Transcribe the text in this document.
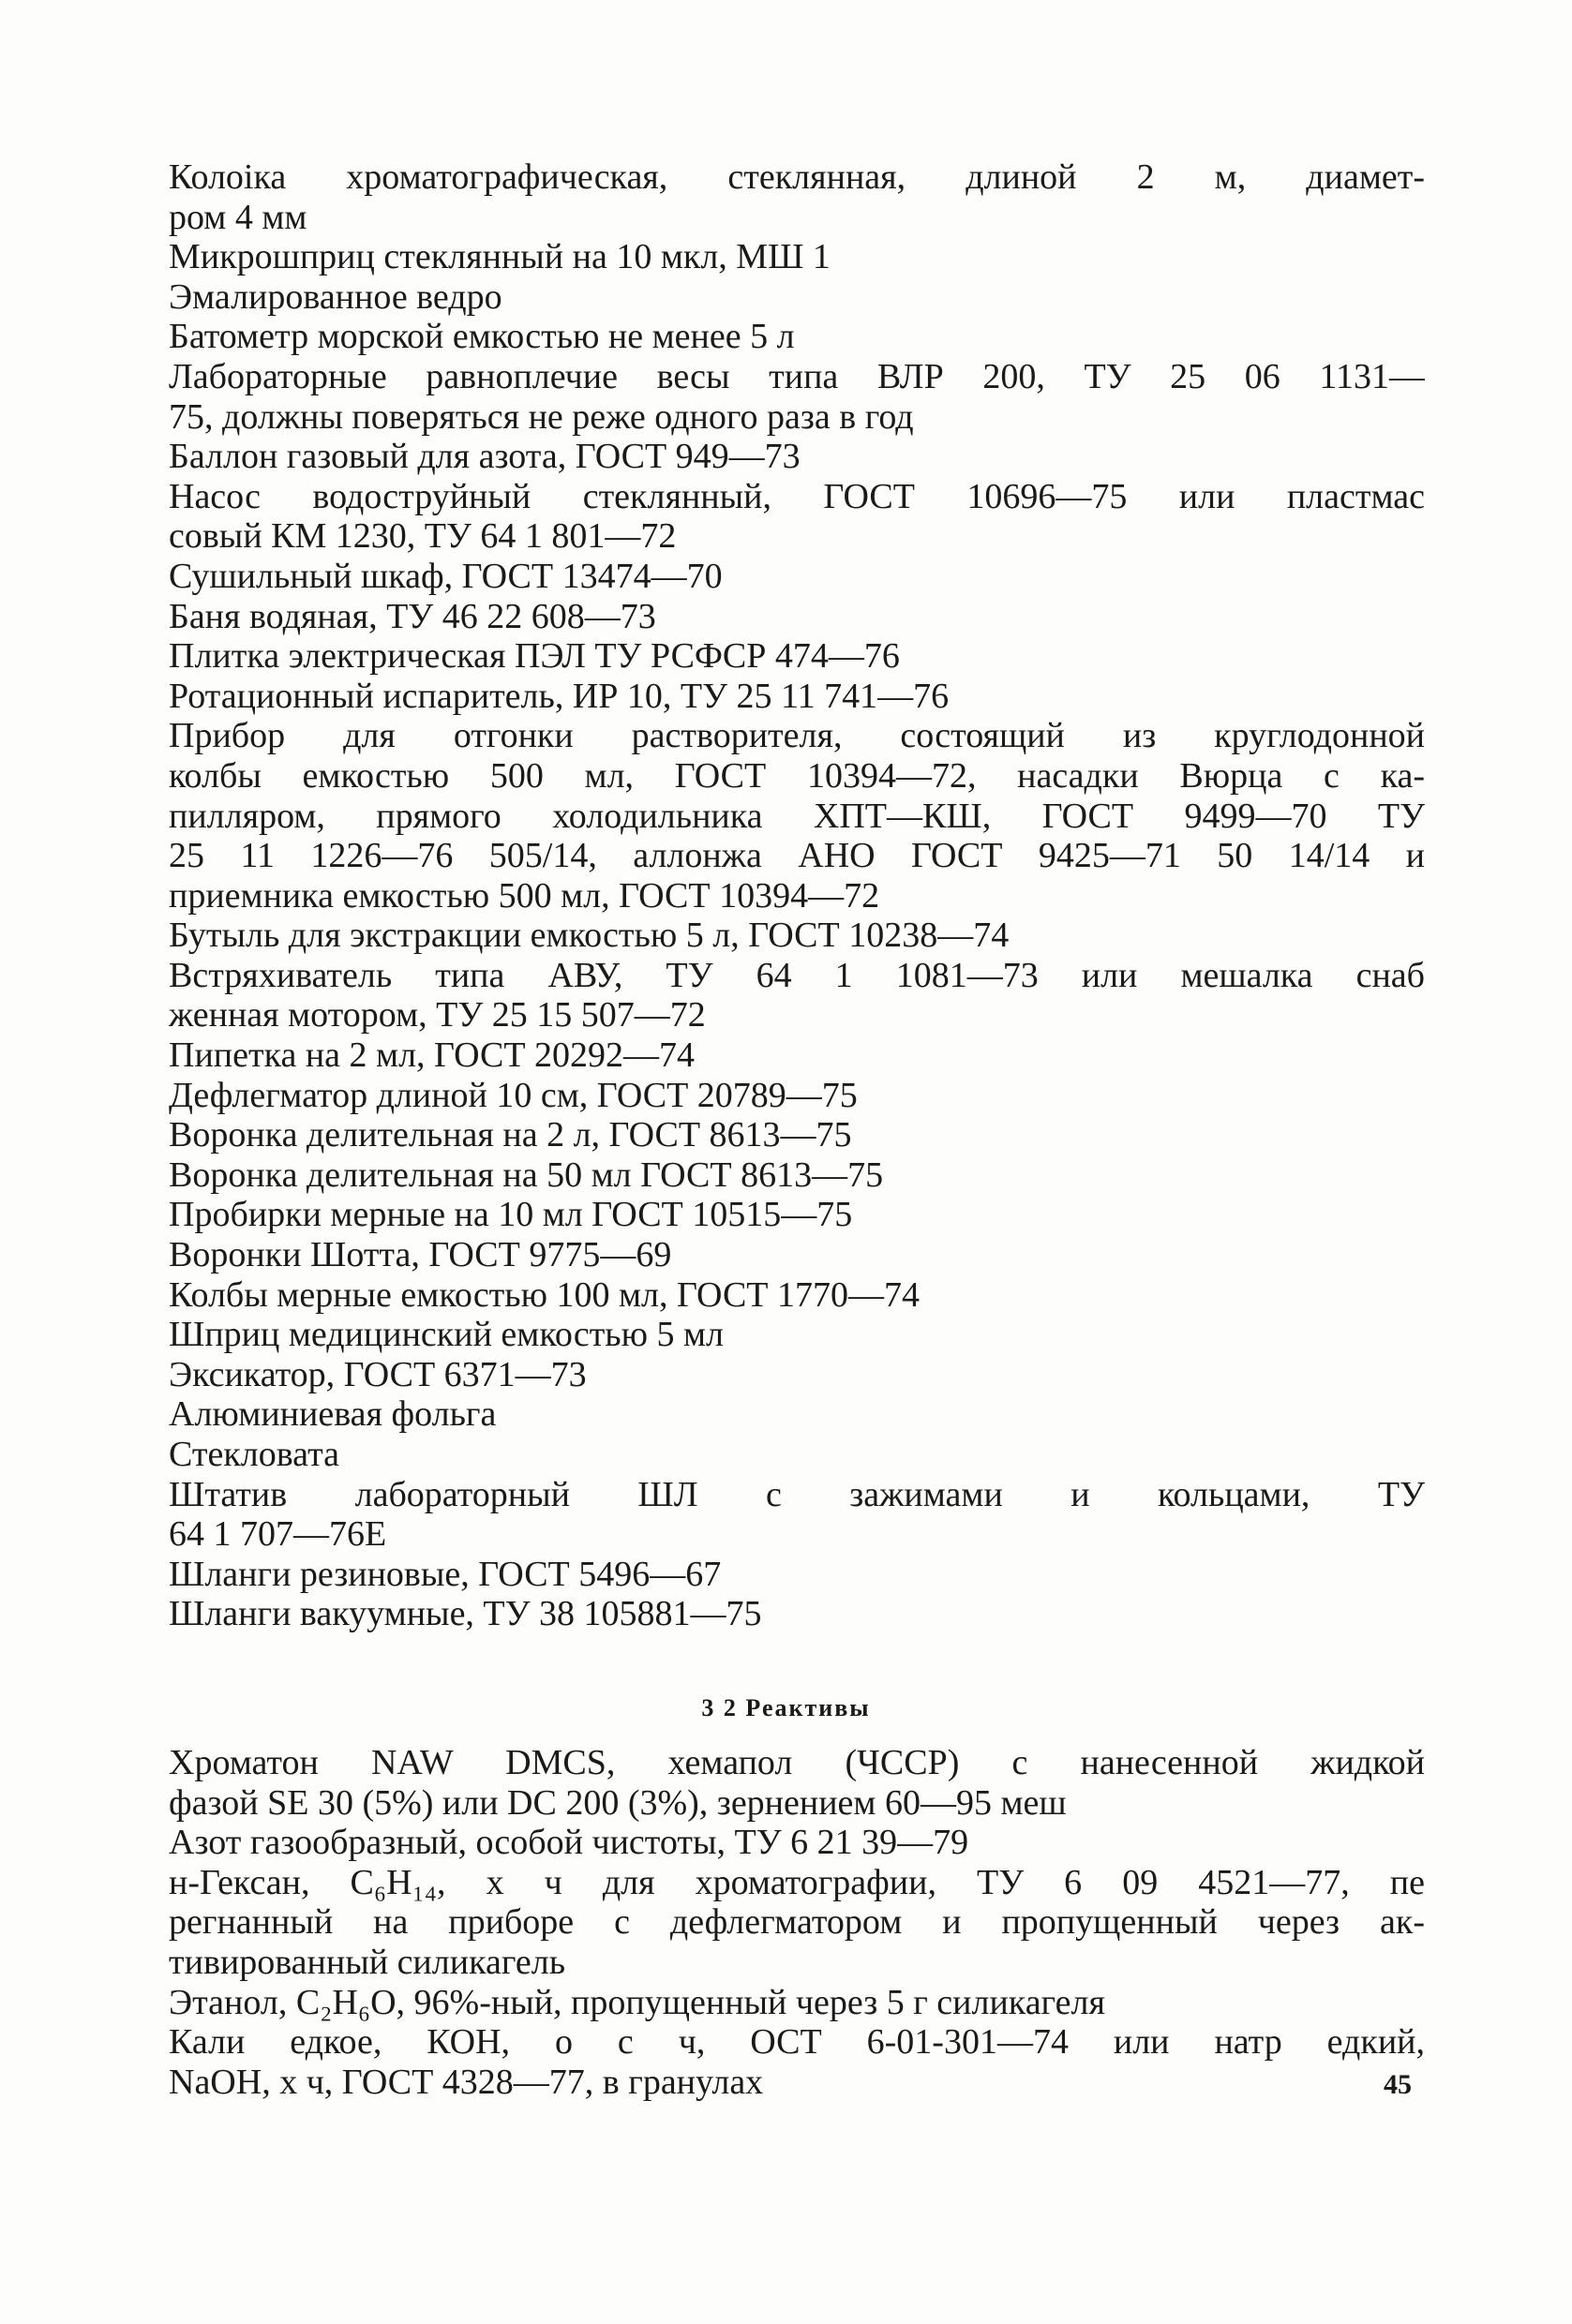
Колоіка хроматографическая, стеклянная, длиной 2 м, диамет-
ром 4 мм
Микрошприц стеклянный на 10 мкл, МШ 1
Эмалированное ведро
Батометр морской емкостью не менее 5 л
Лабораторные равноплечие весы типа ВЛР 200, ТУ 25 06 1131—
75, должны поверяться не реже одного раза в год
Баллон газовый для азота, ГОСТ 949—73
Насос водоструйный стеклянный, ГОСТ 10696—75 или пластмас
совый КМ 1230, ТУ 64 1 801—72
Сушильный шкаф, ГОСТ 13474—70
Баня водяная, ТУ 46 22 608—73
Плитка электрическая ПЭЛ ТУ РСФСР 474—76
Ротационный испаритель, ИР 10, ТУ 25 11 741—76
Прибор для отгонки растворителя, состоящий из круглодонной
колбы емкостью 500 мл, ГОСТ 10394—72, насадки Вюрца с ка-
пилляром, прямого холодильника ХПТ—КШ, ГОСТ 9499—70 ТУ
25 11 1226—76 505/14, аллонжа АНО ГОСТ 9425—71 50 14/14 и
приемника емкостью 500 мл, ГОСТ 10394—72
Бутыль для экстракции емкостью 5 л, ГОСТ 10238—74
Встряхиватель типа АВУ, ТУ 64 1 1081—73 или мешалка снаб
женная мотором, ТУ 25 15 507—72
Пипетка на 2 мл, ГОСТ 20292—74
Дефлегматор длиной 10 см, ГОСТ 20789—75
Воронка делительная на 2 л, ГОСТ 8613—75
Воронка делительная на 50 мл ГОСТ 8613—75
Пробирки мерные на 10 мл ГОСТ 10515—75
Воронки Шотта, ГОСТ 9775—69
Колбы мерные емкостью 100 мл, ГОСТ 1770—74
Шприц медицинский емкостью 5 мл
Эксикатор, ГОСТ 6371—73
Алюминиевая фольга
Стекловата
Штатив лабораторный ШЛ с зажимами и кольцами, ТУ
64 1 707—76Е
Шланги резиновые, ГОСТ 5496—67
Шланги вакуумные, ТУ 38 105881—75
3 2 Реактивы
Хроматон NAW DMCS, хемапол (ЧССР) с нанесенной жидкой
фазой SE 30 (5%) или DC 200 (3%), зернением 60—95 меш
Азот газообразный, особой чистоты, ТУ 6 21 39—79
н-Гексан, C₆H₁₄, х ч для хроматографии, ТУ 6 09 4521—77, пе
регнанный на приборе с дефлегматором и пропущенный через ак-
тивированный силикагель
Этанол, C₂H₆O, 96%-ный, пропущенный через 5 г силикагеля
Кали едкое, КОН, о с ч, ОСТ 6-01-301—74 или натр едкий,
NaOH, х ч, ГОСТ 4328—77, в гранулах	45
